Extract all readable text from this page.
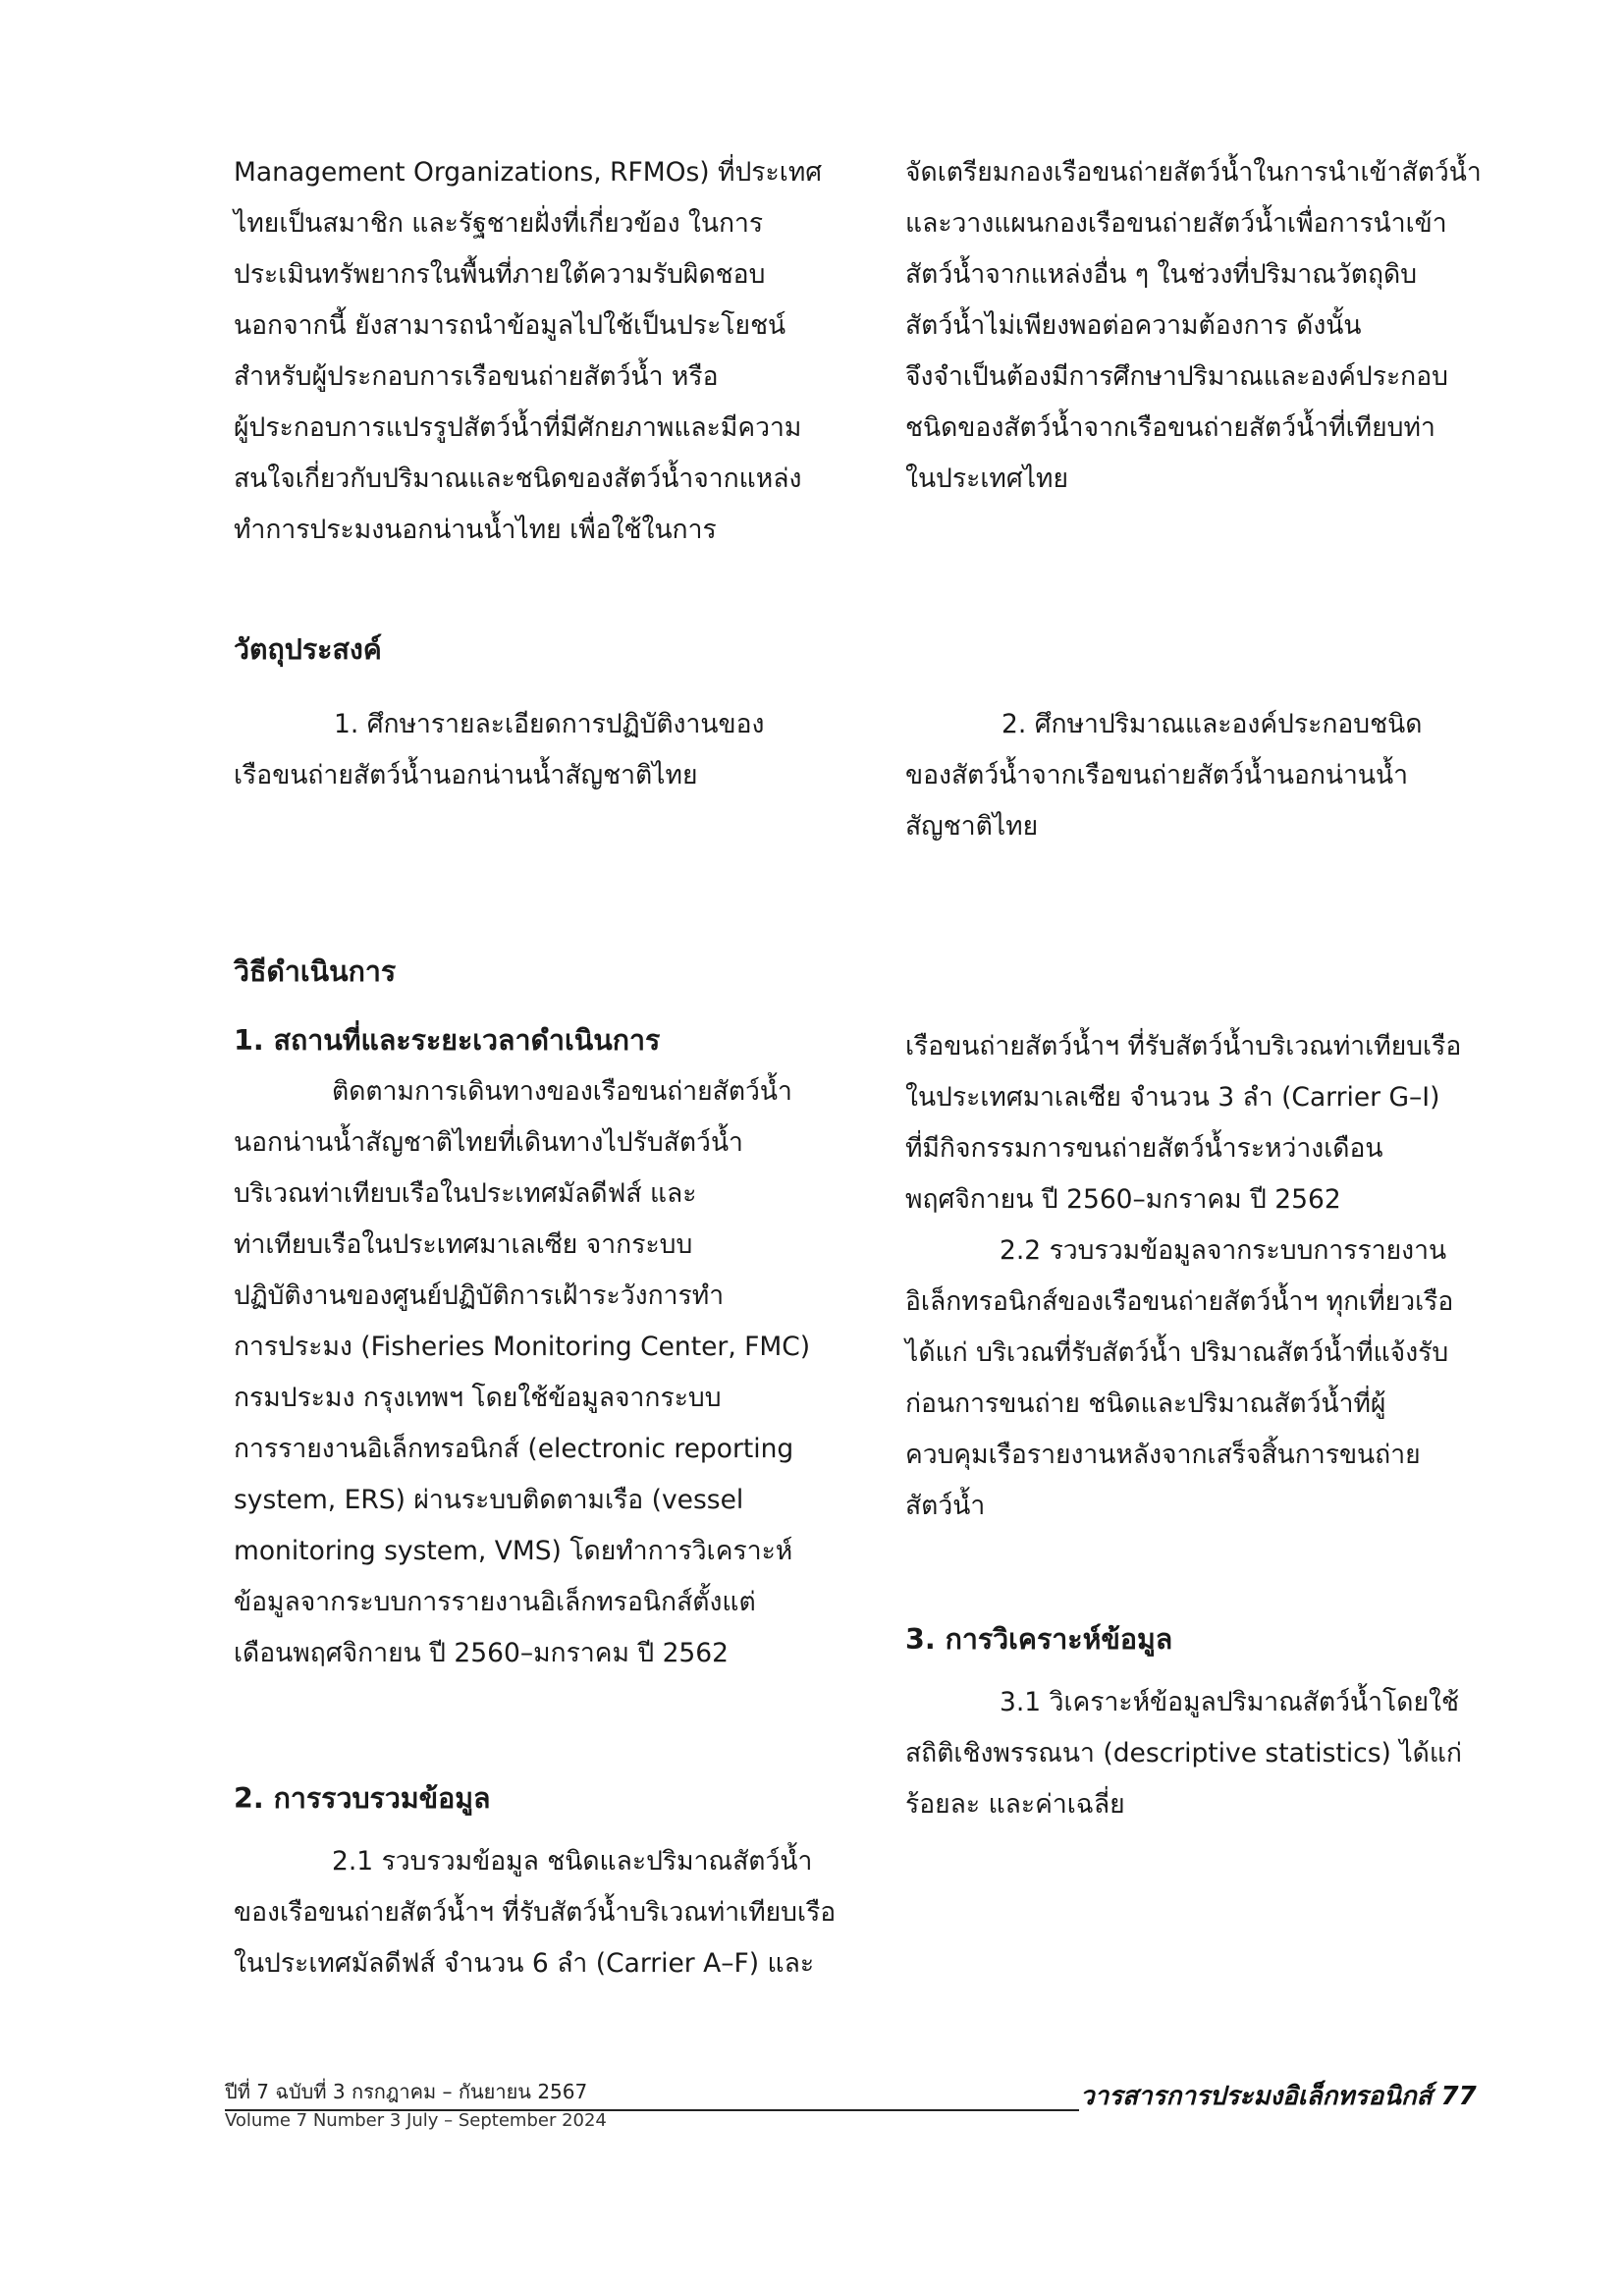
Management Organizations, RFMOs) ที่ประเทศ
ไทยเป็นสมาชิก และรัฐชายฝั่งที่เกี่ยวข้อง ในการ
ประเมินทรัพยากรในพื้นที่ภายใต้ความรับผิดชอบ
นอกจากนี้ ยังสามารถนำข้อมูลไปใช้เป็นประโยชน์
สำหรับผู้ประกอบการเรือขนถ่ายสัตว์น้ำ หรือ
ผู้ประกอบการแปรรูปสัตว์น้ำที่มีศักยภาพและมีความ
สนใจเกี่ยวกับปริมาณและชนิดของสัตว์น้ำจากแหล่ง
ทำการประมงนอกน่านน้ำไทย เพื่อใช้ในการ
จัดเตรียมกองเรือขนถ่ายสัตว์น้ำในการนำเข้าสัตว์น้ำ
และวางแผนกองเรือขนถ่ายสัตว์น้ำเพื่อการนำเข้า
สัตว์น้ำจากแหล่งอื่น ๆ ในช่วงที่ปริมาณวัตถุดิบ
สัตว์น้ำไม่เพียงพอต่อความต้องการ ดังนั้น
จึงจำเป็นต้องมีการศึกษาปริมาณและองค์ประกอบ
ชนิดของสัตว์น้ำจากเรือขนถ่ายสัตว์น้ำที่เทียบท่า
ในประเทศไทย
วัตถุประสงค์
1. ศึกษารายละเอียดการปฏิบัติงานของ
เรือขนถ่ายสัตว์น้ำนอกน่านน้ำสัญชาติไทย
2. ศึกษาปริมาณและองค์ประกอบชนิด
ของสัตว์น้ำจากเรือขนถ่ายสัตว์น้ำนอกน่านน้ำ
สัญชาติไทย
วิธีดำเนินการ
1. สถานที่และระยะเวลาดำเนินการ
ติดตามการเดินทางของเรือขนถ่ายสัตว์น้ำ
นอกน่านน้ำสัญชาติไทยที่เดินทางไปรับสัตว์น้ำ
บริเวณท่าเทียบเรือในประเทศมัลดีฟส์ และ
ท่าเทียบเรือในประเทศมาเลเซีย จากระบบ
ปฏิบัติงานของศูนย์ปฏิบัติการเฝ้าระวังการทำ
การประมง (Fisheries Monitoring Center, FMC)
กรมประมง กรุงเทพฯ โดยใช้ข้อมูลจากระบบ
การรายงานอิเล็กทรอนิกส์ (electronic reporting
system, ERS) ผ่านระบบติดตามเรือ (vessel
monitoring system, VMS) โดยทำการวิเคราะห์
ข้อมูลจากระบบการรายงานอิเล็กทรอนิกส์ตั้งแต่
เดือนพฤศจิกายน ปี 2560–มกราคม ปี 2562
2. การรวบรวมข้อมูล
2.1 รวบรวมข้อมูล ชนิดและปริมาณสัตว์น้ำ
ของเรือขนถ่ายสัตว์น้ำฯ ที่รับสัตว์น้ำบริเวณท่าเทียบเรือ
ในประเทศมัลดีฟส์ จำนวน 6 ลำ (Carrier A–F) และ
เรือขนถ่ายสัตว์น้ำฯ ที่รับสัตว์น้ำบริเวณท่าเทียบเรือ
ในประเทศมาเลเซีย จำนวน 3 ลำ (Carrier G–I)
ที่มีกิจกรรมการขนถ่ายสัตว์น้ำระหว่างเดือน
พฤศจิกายน ปี 2560–มกราคม ปี 2562
2.2 รวบรวมข้อมูลจากระบบการรายงาน
อิเล็กทรอนิกส์ของเรือขนถ่ายสัตว์น้ำฯ ทุกเที่ยวเรือ
ได้แก่ บริเวณที่รับสัตว์น้ำ ปริมาณสัตว์น้ำที่แจ้งรับ
ก่อนการขนถ่าย ชนิดและปริมาณสัตว์น้ำที่ผู้
ควบคุมเรือรายงานหลังจากเสร็จสิ้นการขนถ่าย
สัตว์น้ำ
3. การวิเคราะห์ข้อมูล
3.1 วิเคราะห์ข้อมูลปริมาณสัตว์น้ำโดยใช้
สถิติเชิงพรรณนา (descriptive statistics) ได้แก่
ร้อยละ และค่าเฉลี่ย
ปีที่ 7 ฉบับที่ 3 กรกฎาคม – กันยายน 2567
Volume 7 Number 3 July – September 2024
วารสารการประมงอิเล็กทรอนิกส์ 77
